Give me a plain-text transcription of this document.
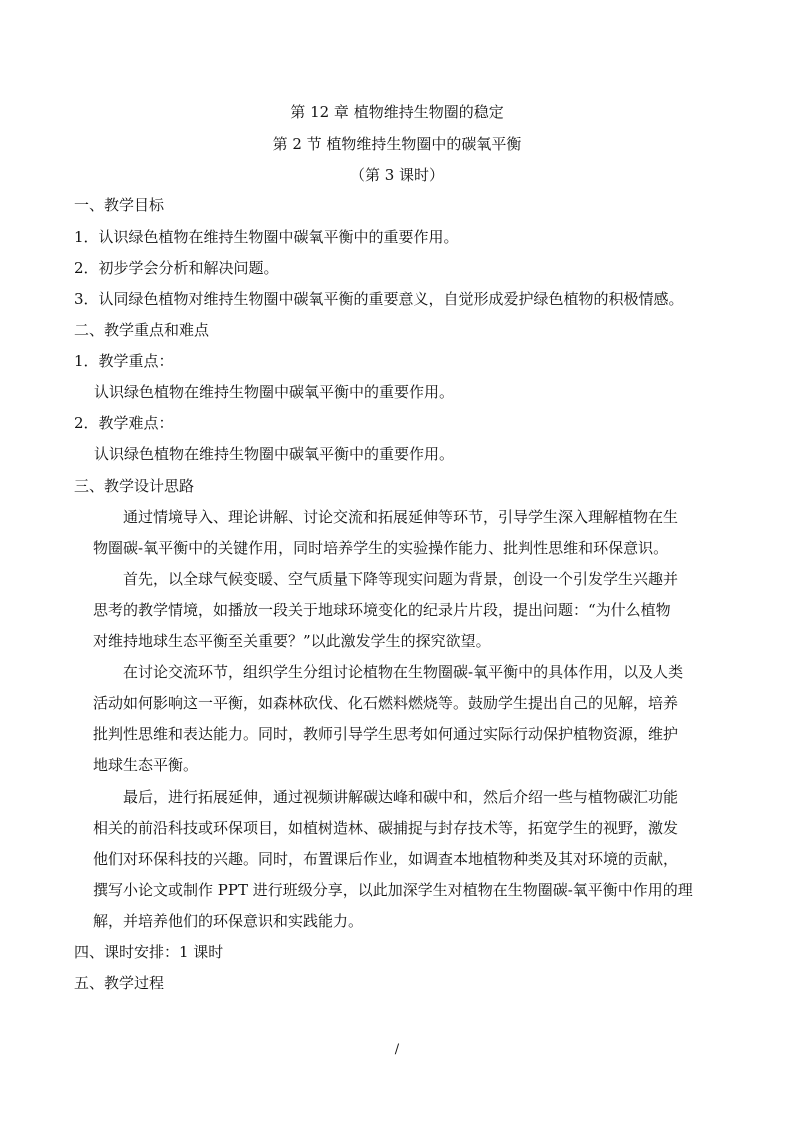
第 12 章 植物维持生物圈的稳定
第 2 节 植物维持生物圈中的碳氧平衡
（第 3 课时）
一、教学目标
1．认识绿色植物在维持生物圈中碳氧平衡中的重要作用。
2．初步学会分析和解决问题。
3．认同绿色植物对维持生物圈中碳氧平衡的重要意义，自觉形成爱护绿色植物的积极情感。
二、教学重点和难点
1．教学重点：
认识绿色植物在维持生物圈中碳氧平衡中的重要作用。
2．教学难点：
认识绿色植物在维持生物圈中碳氧平衡中的重要作用。
三、教学设计思路
通过情境导入、理论讲解、讨论交流和拓展延伸等环节，引导学生深入理解植物在生
物圈碳-氧平衡中的关键作用，同时培养学生的实验操作能力、批判性思维和环保意识。
首先，以全球气候变暖、空气质量下降等现实问题为背景，创设一个引发学生兴趣并
思考的教学情境，如播放一段关于地球环境变化的纪录片片段，提出问题：“为什么植物
对维持地球生态平衡至关重要？”以此激发学生的探究欲望。
在讨论交流环节，组织学生分组讨论植物在生物圈碳-氧平衡中的具体作用，以及人类
活动如何影响这一平衡，如森林砍伐、化石燃料燃烧等。鼓励学生提出自己的见解，培养
批判性思维和表达能力。同时，教师引导学生思考如何通过实际行动保护植物资源，维护
地球生态平衡。
最后，进行拓展延伸，通过视频讲解碳达峰和碳中和，然后介绍一些与植物碳汇功能
相关的前沿科技或环保项目，如植树造林、碳捕捉与封存技术等，拓宽学生的视野，激发
他们对环保科技的兴趣。同时，布置课后作业，如调查本地植物种类及其对环境的贡献，
撰写小论文或制作 PPT 进行班级分享，以此加深学生对植物在生物圈碳-氧平衡中作用的理
解，并培养他们的环保意识和实践能力。
四、课时安排：1 课时
五、教学过程
/
